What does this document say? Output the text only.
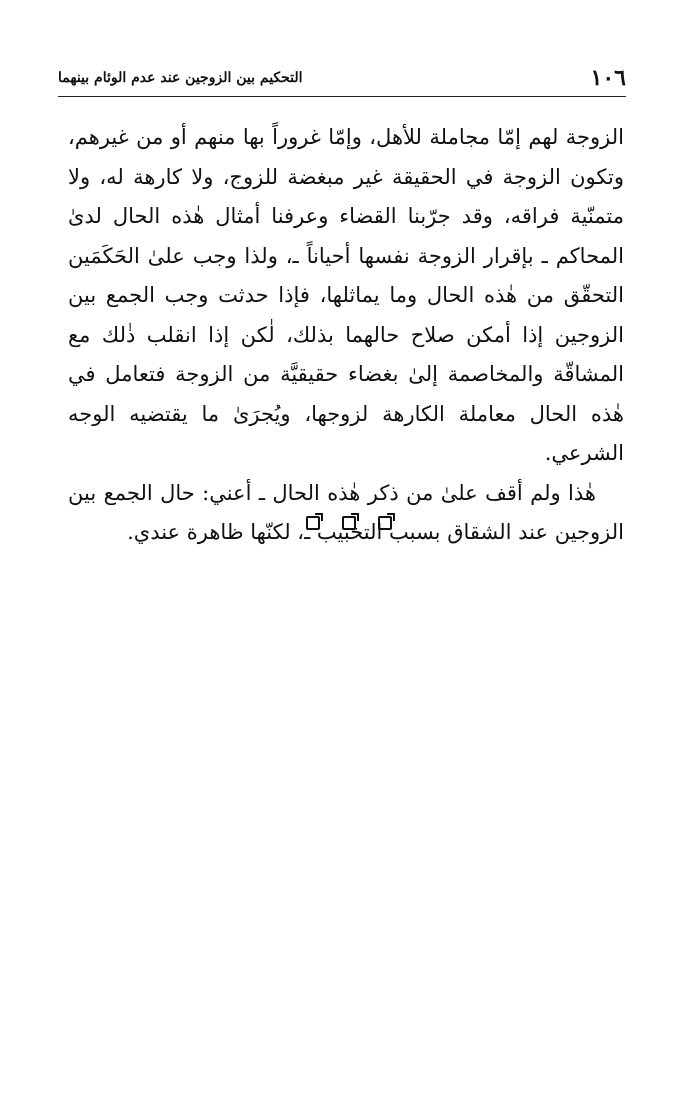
١٠٦
التحكيم بين الزوجين عند عدم الوئام بينهما

الزوجة لهم إمّا مجاملة للأهل، وإمّا غروراً بها منهم أو من غيرهم، وتكون الزوجة في الحقيقة غير مبغضة للزوج، ولا كارهة له، ولا متمنّية فراقه، وقد جرّبنا القضاء وعرفنا أمثال هٰذه الحال لدىٰ المحاكم ـ بإقرار الزوجة نفسها أحياناً ـ، ولذا وجب علىٰ الحَكَمَين التحقّق من هٰذه الحال وما يماثلها، فإذا حدثت وجب الجمع بين الزوجين إذا أمكن صلاح حالهما بذلك، لٰكن إذا انقلب ذٰلك مع المشاقّة والمخاصمة إلىٰ بغضاء حقيقيَّة من الزوجة فتعامل في هٰذه الحال معاملة الكارهة لزوجها، ويُجرَىٰ ما يقتضيه الوجه الشرعي.

هٰذا ولم أقف علىٰ من ذكر هٰذه الحال ـ أعني: حال الجمع بين الزوجين عند الشقاق بسبب التخبيب ـ، لكنّها ظاهرة عندي.
